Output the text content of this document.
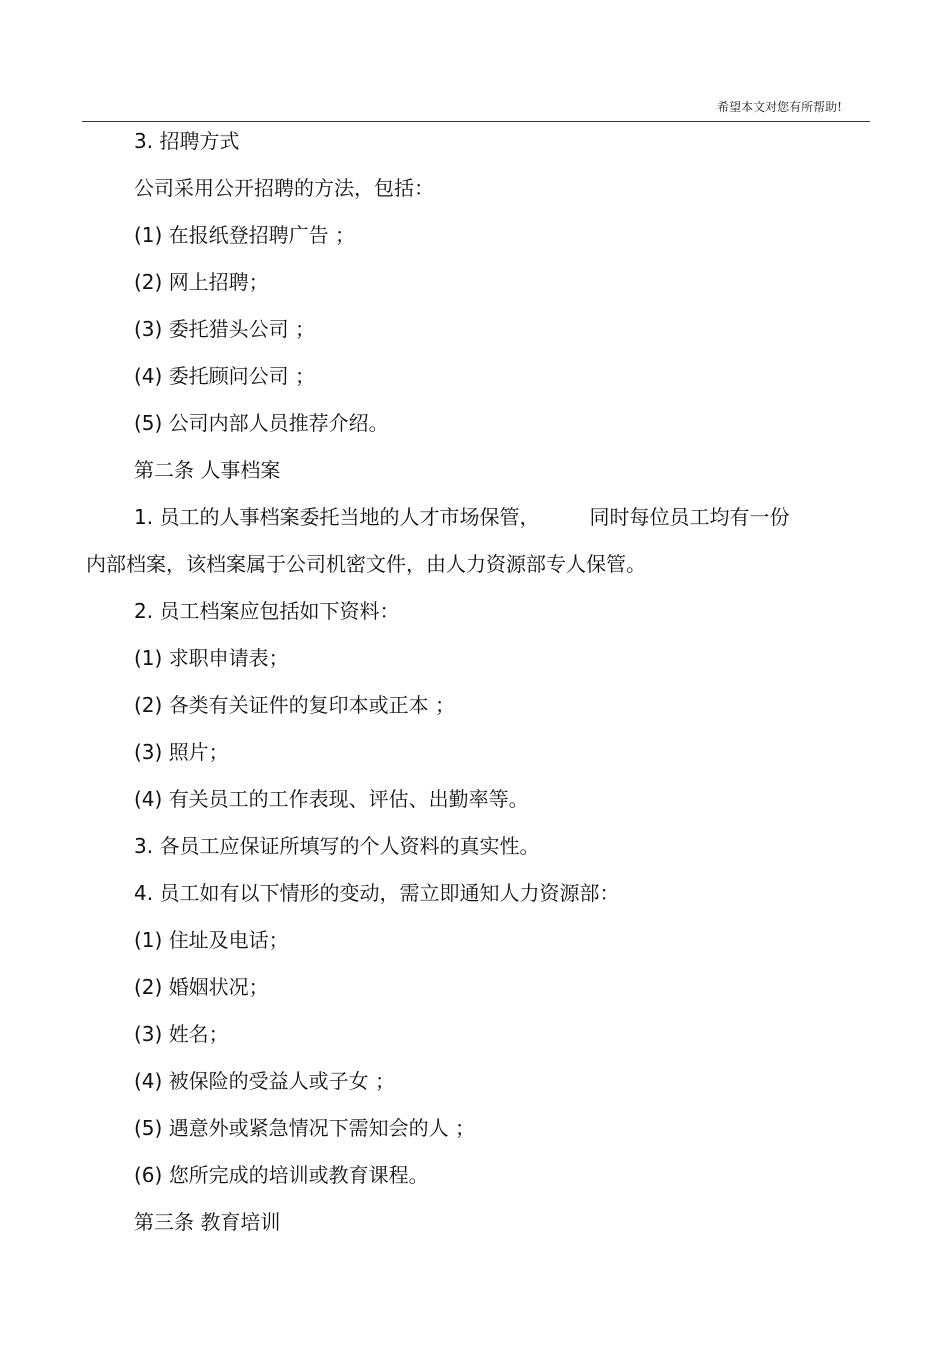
希望本文对您有所帮助!
3. 招聘方式
公司采用公开招聘的方法，包括：
(1) 在报纸登招聘广告 ；
(2) 网上招聘；
(3) 委托猎头公司 ；
(4) 委托顾问公司 ；
(5) 公司内部人员推荐介绍。
第二条 人事档案
1. 员工的人事档案委托当地的人才市场保管，	同时每位员工均有一份
内部档案，该档案属于公司机密文件，由人力资源部专人保管。
2. 员工档案应包括如下资料：
(1) 求职申请表；
(2) 各类有关证件的复印本或正本 ；
(3) 照片；
(4) 有关员工的工作表现、评估、出勤率等。
3. 各员工应保证所填写的个人资料的真实性。
4. 员工如有以下情形的变动，需立即通知人力资源部：
(1) 住址及电话；
(2) 婚姻状况；
(3) 姓名；
(4) 被保险的受益人或子女 ；
(5) 遇意外或紧急情况下需知会的人 ；
(6) 您所完成的培训或教育课程。
第三条 教育培训
